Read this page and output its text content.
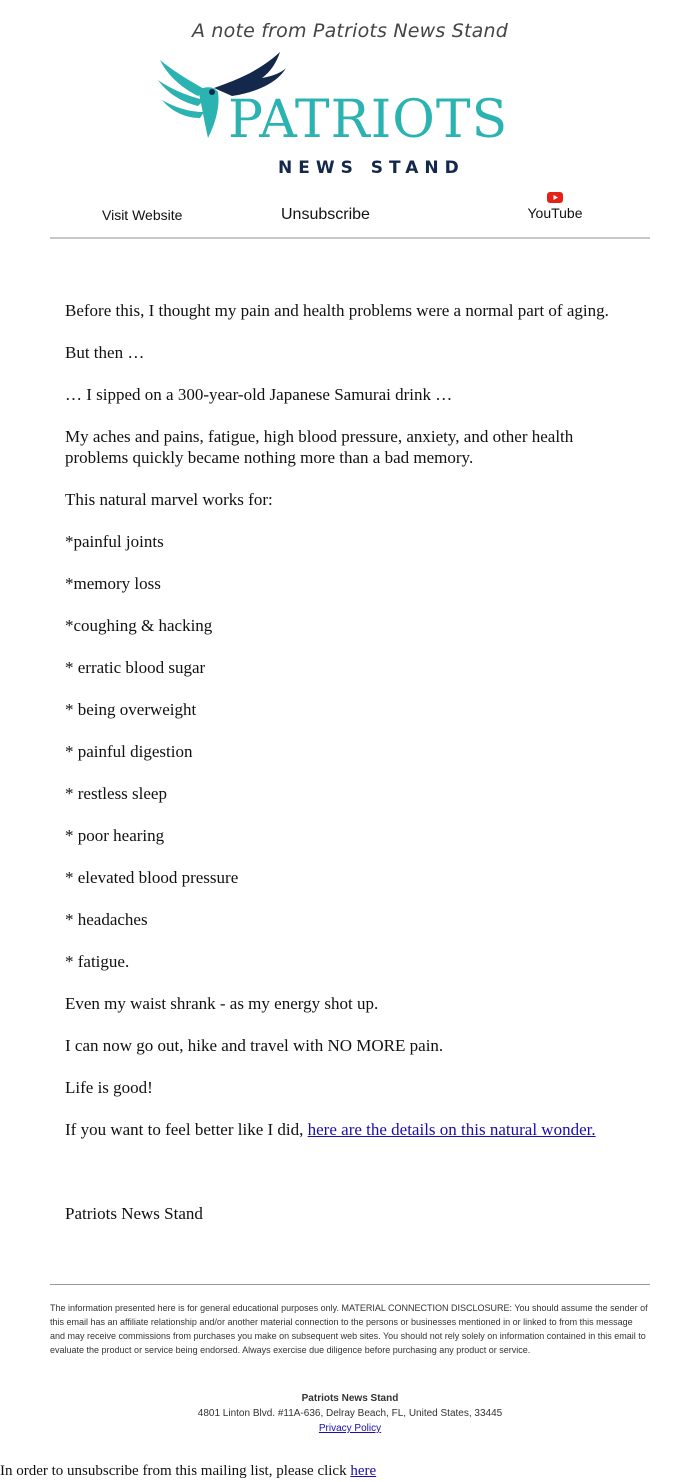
A note from Patriots News Stand
PATRIOTS
NEWS STAND
Visit Website	Unsubscribe	YouTube

Before this, I thought my pain and health problems were a normal part of aging.

But then …

… I sipped on a 300-year-old Japanese Samurai drink …

My aches and pains, fatigue, high blood pressure, anxiety, and other health problems quickly became nothing more than a bad memory.

This natural marvel works for:

*painful joints

*memory loss

*coughing & hacking

* erratic blood sugar

* being overweight

* painful digestion

* restless sleep

* poor hearing

* elevated blood pressure

* headaches

* fatigue.

Even my waist shrank - as my energy shot up.

I can now go out, hike and travel with NO MORE pain.

Life is good!

If you want to feel better like I did, here are the details on this natural wonder.

Patriots News Stand
The information presented here is for general educational purposes only. MATERIAL CONNECTION DISCLOSURE: You should assume the sender of this email has an affiliate relationship and/or another material connection to the persons or businesses mentioned in or linked to from this message and may receive commissions from purchases you make on subsequent web sites. You should not rely solely on information contained in this email to evaluate the product or service being endorsed. Always exercise due diligence before purchasing any product or service.
Patriots News Stand
4801 Linton Blvd. #11A-636, Delray Beach, FL, United States, 33445
Privacy Policy
In order to unsubscribe from this mailing list, please click here
